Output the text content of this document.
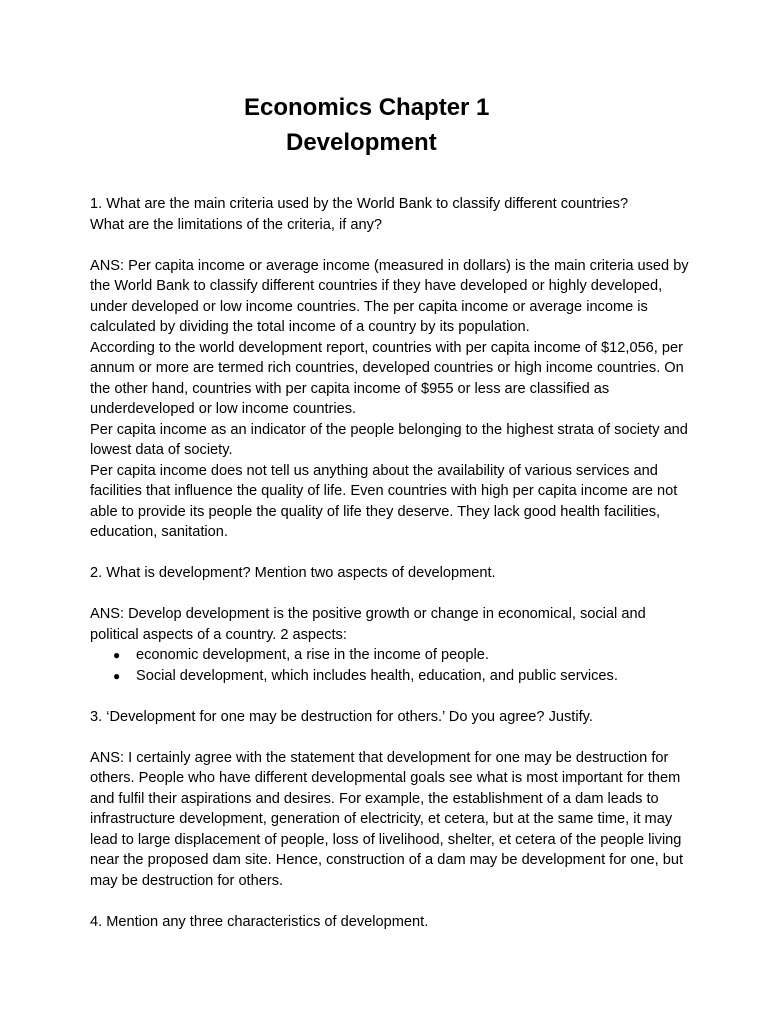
Economics Chapter 1
Development

1. What are the main criteria used by the World Bank to classify different countries?

What are the limitations of the criteria, if any?

ANS: Per capita income or average income (measured in dollars) is the main criteria used by the World Bank to classify different countries if they have developed or highly developed, under developed or low income countries. The per capita income or average income is calculated by dividing the total income of a country by its population.

According to the world development report, countries with per capita income of $12,056, per annum or more are termed rich countries, developed countries or high income countries. On the other hand, countries with per capita income of $955 or less are classified as underdeveloped or low income countries.

Per capita income as an indicator of the people belonging to the highest strata of society and lowest data of society.

Per capita income does not tell us anything about the availability of various services and facilities that influence the quality of life. Even countries with high per capita income are not able to provide its people the quality of life they deserve. They lack good health facilities, education, sanitation.

2. What is development? Mention two aspects of development.

ANS: Develop development is the positive growth or change in economical, social and political aspects of a country. 2 aspects:

● economic development, a rise in the income of people.
● Social development, which includes health, education, and public services.

3. ‘Development for one may be destruction for others.’ Do you agree? Justify.

ANS: I certainly agree with the statement that development for one may be destruction for others. People who have different developmental goals see what is most important for them and fulfil their aspirations and desires. For example, the establishment of a dam leads to infrastructure development, generation of electricity, et cetera, but at the same time, it may lead to large displacement of people, loss of livelihood, shelter, et cetera of the people living near the proposed dam site. Hence, construction of a dam may be development for one, but may be destruction for others.

4. Mention any three characteristics of development.
